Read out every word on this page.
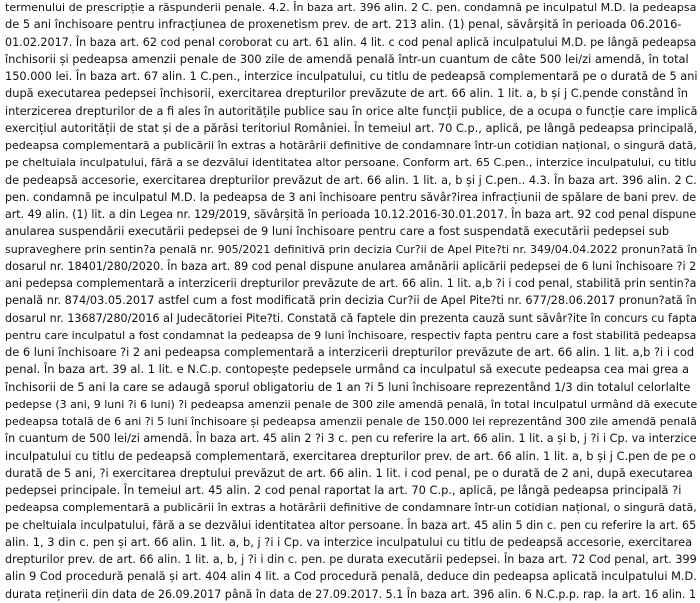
termenului de prescripție a răspunderii penale. 4.2. În baza art. 396 alin. 2 C. pen. condamnă pe inculpatul M.D. la pedeapsa
de 5 ani închisoare pentru infracțiunea de proxenetism prev. de art. 213 alin. (1) penal, săvârșită în perioada 06.2016-
01.02.2017. În baza art. 62 cod penal coroborat cu art. 61 alin. 4 lit. c cod penal aplică inculpatului M.D. pe lângă pedeapsa
închisorii și pedeapsa amenzii penale de 300 zile de amendă penală într-un cuantum de câte 500 lei/zi amendă, în total
150.000 lei. În baza art. 67 alin. 1 C.pen., interzice inculpatului, cu titlu de pedeapsă complementară pe o durată de 5 ani
după executarea pedepsei închisorii, exercitarea drepturilor prevăzute de art. 66 alin. 1 lit. a, b și j C.pende constând în
interzicerea drepturilor de a fi ales în autoritățile publice sau în orice alte funcții publice, de a ocupa o funcție care implică
exercițiul autorității de stat și de a părăsi teritoriul României. În temeiul art. 70 C.p., aplică, pe lângă pedeapsa principală,
pedeapsa complementară a publicării în extras a hotărârii definitive de condamnare într-un cotidian național, o singură dată,
pe cheltuiala inculpatului, fără a se dezvălui identitatea altor persoane. Conform art. 65 C.pen., interzice inculpatului, cu titlu
de pedeapsă accesorie, exercitarea drepturilor prevăzut de art. 66 alin. 1 lit. a, b și j C.pen.. 4.3. În baza art. 396 alin. 2 C.
pen. condamnă pe inculpatul M.D. la pedeapsa de 3 ani închisoare pentru săvâr?irea infracțiunii de spălare de bani prev. de
art. 49 alin. (1) lit. a din Legea nr. 129/2019, săvârșită în perioada 10.12.2016-30.01.2017. În baza art. 92 cod penal dispune
anularea suspendării executării pedepsei de 9 luni închisoare pentru care a fost suspendată executării pedepsei sub
supraveghere prin sentin?a penală nr. 905/2021 definitivă prin decizia Cur?ii de Apel Pite?ti nr. 349/04.04.2022 pronun?ată în
dosarul nr. 18401/280/2020. În baza art. 89 cod penal dispune anularea amânării aplicării pedepsei de 6 luni închisoare ?i 2
ani pedepsa complementară a interzicerii drepturilor prevăzute de art. 66 alin. 1 lit. a,b ?i i cod penal, stabilită prin sentin?a
penală nr. 874/03.05.2017 astfel cum a fost modificată prin decizia Cur?ii de Apel Pite?ti nr. 677/28.06.2017 pronun?ată în
dosarul nr. 13687/280/2016 al Judecătoriei Pite?ti. Constată că faptele din prezenta cauză sunt săvâr?ite în concurs cu fapta
pentru care inculpatul a fost condamnat la pedeapsa de 9 luni închisoare, respectiv fapta pentru care a fost stabilită pedeapsa
de 6 luni închisoare ?i 2 ani pedeapsa complementară a interzicerii drepturilor prevăzute de art. 66 alin. 1 lit. a,b ?i i cod
penal. În baza art. 39 al. 1 lit. e N.C.p. contopește pedepsele urmând ca inculpatul să execute pedeapsa cea mai grea a
închisorii de 5 ani la care se adaugă sporul obligatoriu de 1 an ?i 5 luni închisoare reprezentând 1/3 din totalul celorlalte
pedepse (3 ani, 9 luni ?i 6 luni) ?i pedeapsa amenzii penale de 300 zile amendă penală, în total inculpatul urmând dă execute
pedeapsa totală de 6 ani ?i 5 luni închisoare și pedeapsa amenzii penale de 150.000 lei reprezentând 300 zile amendă penală
în cuantum de 500 lei/zi amendă. În baza art. 45 alin 2 ?i 3 c. pen cu referire la art. 66 alin. 1 lit. a și b, j ?i i Cp. va interzice
inculpatului cu titlu de pedeapsă complementară, exercitarea drepturilor prev. de art. 66 alin. 1 lit. a, b și j C.pen de pe o
durată de 5 ani, ?i exercitarea dreptului prevăzut de art. 66 alin. 1 lit. i cod penal, pe o durată de 2 ani, după executarea
pedepsei principale. În temeiul art. 45 alin. 2 cod penal raportat la art. 70 C.p., aplică, pe lângă pedeapsa principală ?i
pedeapsa complementară a publicării în extras a hotărârii definitive de condamnare într-un cotidian național, o singură dată,
pe cheltuiala inculpatului, fără a se dezvălui identitatea altor persoane. În baza art. 45 alin 5 din c. pen cu referire la art. 65
alin. 1, 3 din c. pen și art. 66 alin. 1 lit. a, b, j ?i i Cp. va interzice inculpatului cu titlu de pedeapsă accesorie, exercitarea
drepturilor prev. de art. 66 alin. 1 lit. a, b, j ?i i din c. pen. pe durata executării pedepsei. În baza art. 72 Cod penal, art. 399
alin 9 Cod procedură penală și art. 404 alin 4 lit. a Cod procedură penală, deduce din pedeapsa aplicată inculpatului M.D.
durata reținerii din data de 26.09.2017 până în data de 27.09.2017. 5.1 În baza art. 396 alin. 6 N.C.p.p. rap. la art. 16 alin. 1
